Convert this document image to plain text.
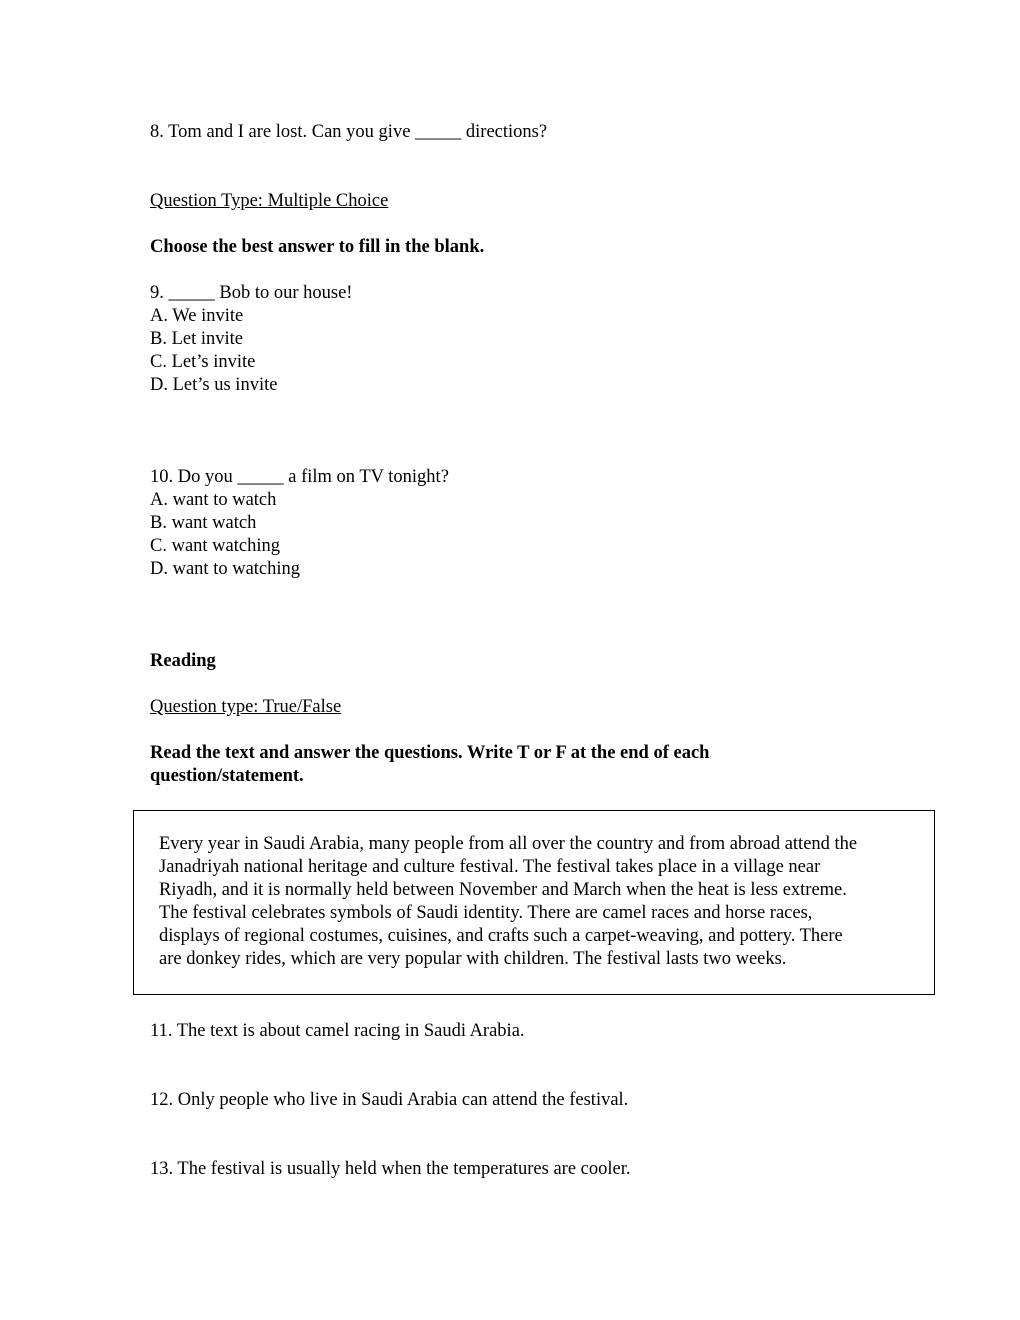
8. Tom and I are lost. Can you give _____ directions?
Question Type: Multiple Choice
Choose the best answer to fill in the blank.
9. _____ Bob to our house!
A. We invite
B. Let invite
C. Let’s invite
D. Let’s us invite
10. Do you _____ a film on TV tonight?
A. want to watch
B. want watch
C. want watching
D. want to watching
Reading
Question type: True/False
Read the text and answer the questions. Write T or F at the end of each
question/statement.
Every year in Saudi Arabia, many people from all over the country and from abroad attend the
Janadriyah national heritage and culture festival. The festival takes place in a village near
Riyadh, and it is normally held between November and March when the heat is less extreme.
The festival celebrates symbols of Saudi identity. There are camel races and horse races,
displays of regional costumes, cuisines, and crafts such a carpet-weaving, and pottery. There
are donkey rides, which are very popular with children. The festival lasts two weeks.
11. The text is about camel racing in Saudi Arabia.
12. Only people who live in Saudi Arabia can attend the festival.
13. The festival is usually held when the temperatures are cooler.
